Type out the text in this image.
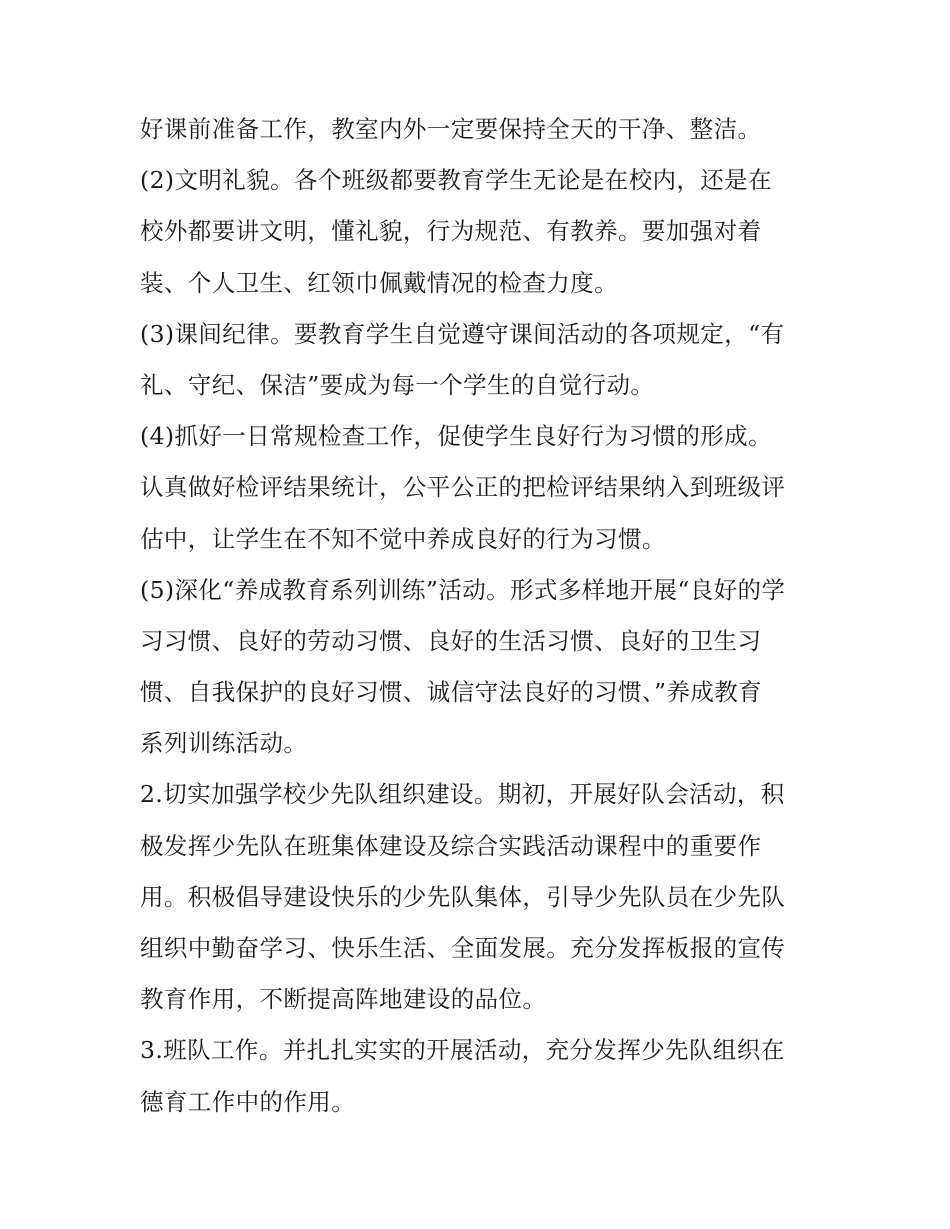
好课前准备工作，教室内外一定要保持全天的干净、整洁。
(2)文明礼貌。各个班级都要教育学生无论是在校内，还是在
校外都要讲文明，懂礼貌，行为规范、有教养。要加强对着
装、个人卫生、红领巾佩戴情况的检查力度。
(3)课间纪律。要教育学生自觉遵守课间活动的各项规定，“有
礼、守纪、保洁”要成为每一个学生的自觉行动。
(4)抓好一日常规检查工作，促使学生良好行为习惯的形成。
认真做好检评结果统计，公平公正的把检评结果纳入到班级评
估中，让学生在不知不觉中养成良好的行为习惯。
(5)深化“养成教育系列训练”活动。形式多样地开展“良好的学
习习惯、良好的劳动习惯、良好的生活习惯、良好的卫生习
惯、自我保护的良好习惯、诚信守法良好的习惯、”养成教育
系列训练活动。
2.切实加强学校少先队组织建设。期初，开展好队会活动，积
极发挥少先队在班集体建设及综合实践活动课程中的重要作
用。积极倡导建设快乐的少先队集体，引导少先队员在少先队
组织中勤奋学习、快乐生活、全面发展。充分发挥板报的宣传
教育作用，不断提高阵地建设的品位。
3.班队工作。并扎扎实实的开展活动，充分发挥少先队组织在
德育工作中的作用。
